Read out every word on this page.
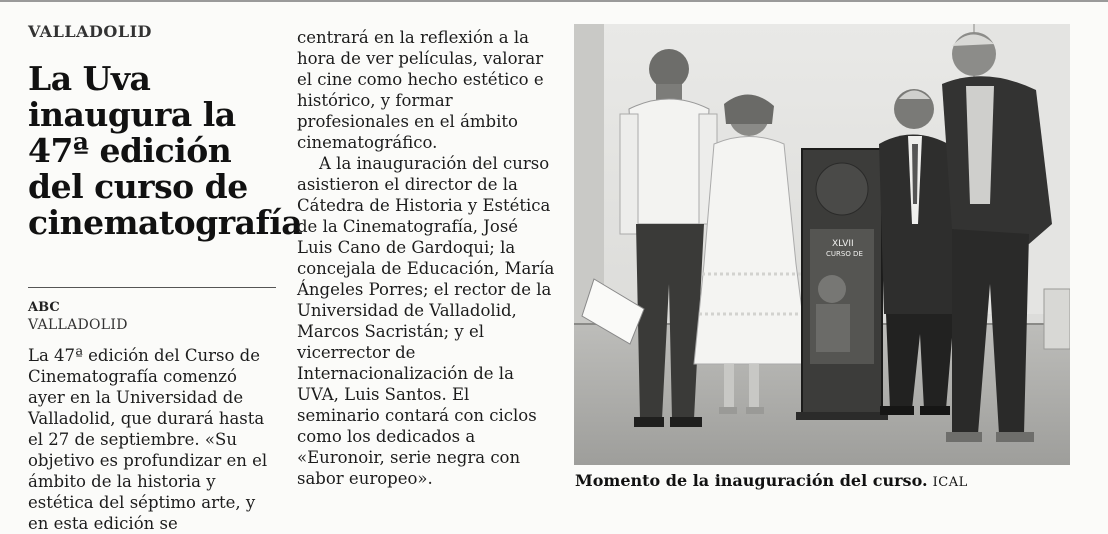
VALLADOLID
La Uva inaugura la 47ª edición del curso de cinematografía
ABC
VALLADOLID

La 47ª edición del Curso de Cinematografía comenzó ayer en la Universidad de Valladolid, que durará hasta el 27 de septiembre. «Su objetivo es profundizar en el ámbito de la historia y estética del séptimo arte, y en esta edición se

centrará en la reflexión a la hora de ver películas, valorar el cine como hecho estético e histórico, y formar profesionales en el ámbito cinematográfico.

A la inauguración del curso asistieron el director de la Cátedra de Historia y Estética de la Cinematografía, José Luis Cano de Gardoqui; la concejala de Educación, María Ángeles Porres; el rector de la Universidad de Valladolid, Marcos Sacristán; y el vicerrector de Internacionalización de la UVA, Luis Santos. El seminario contará con ciclos como los dedicados a «Euronoir, serie negra con sabor europeo».

XLVII
CURSO DE
Momento de la inauguración del curso. ICAL
